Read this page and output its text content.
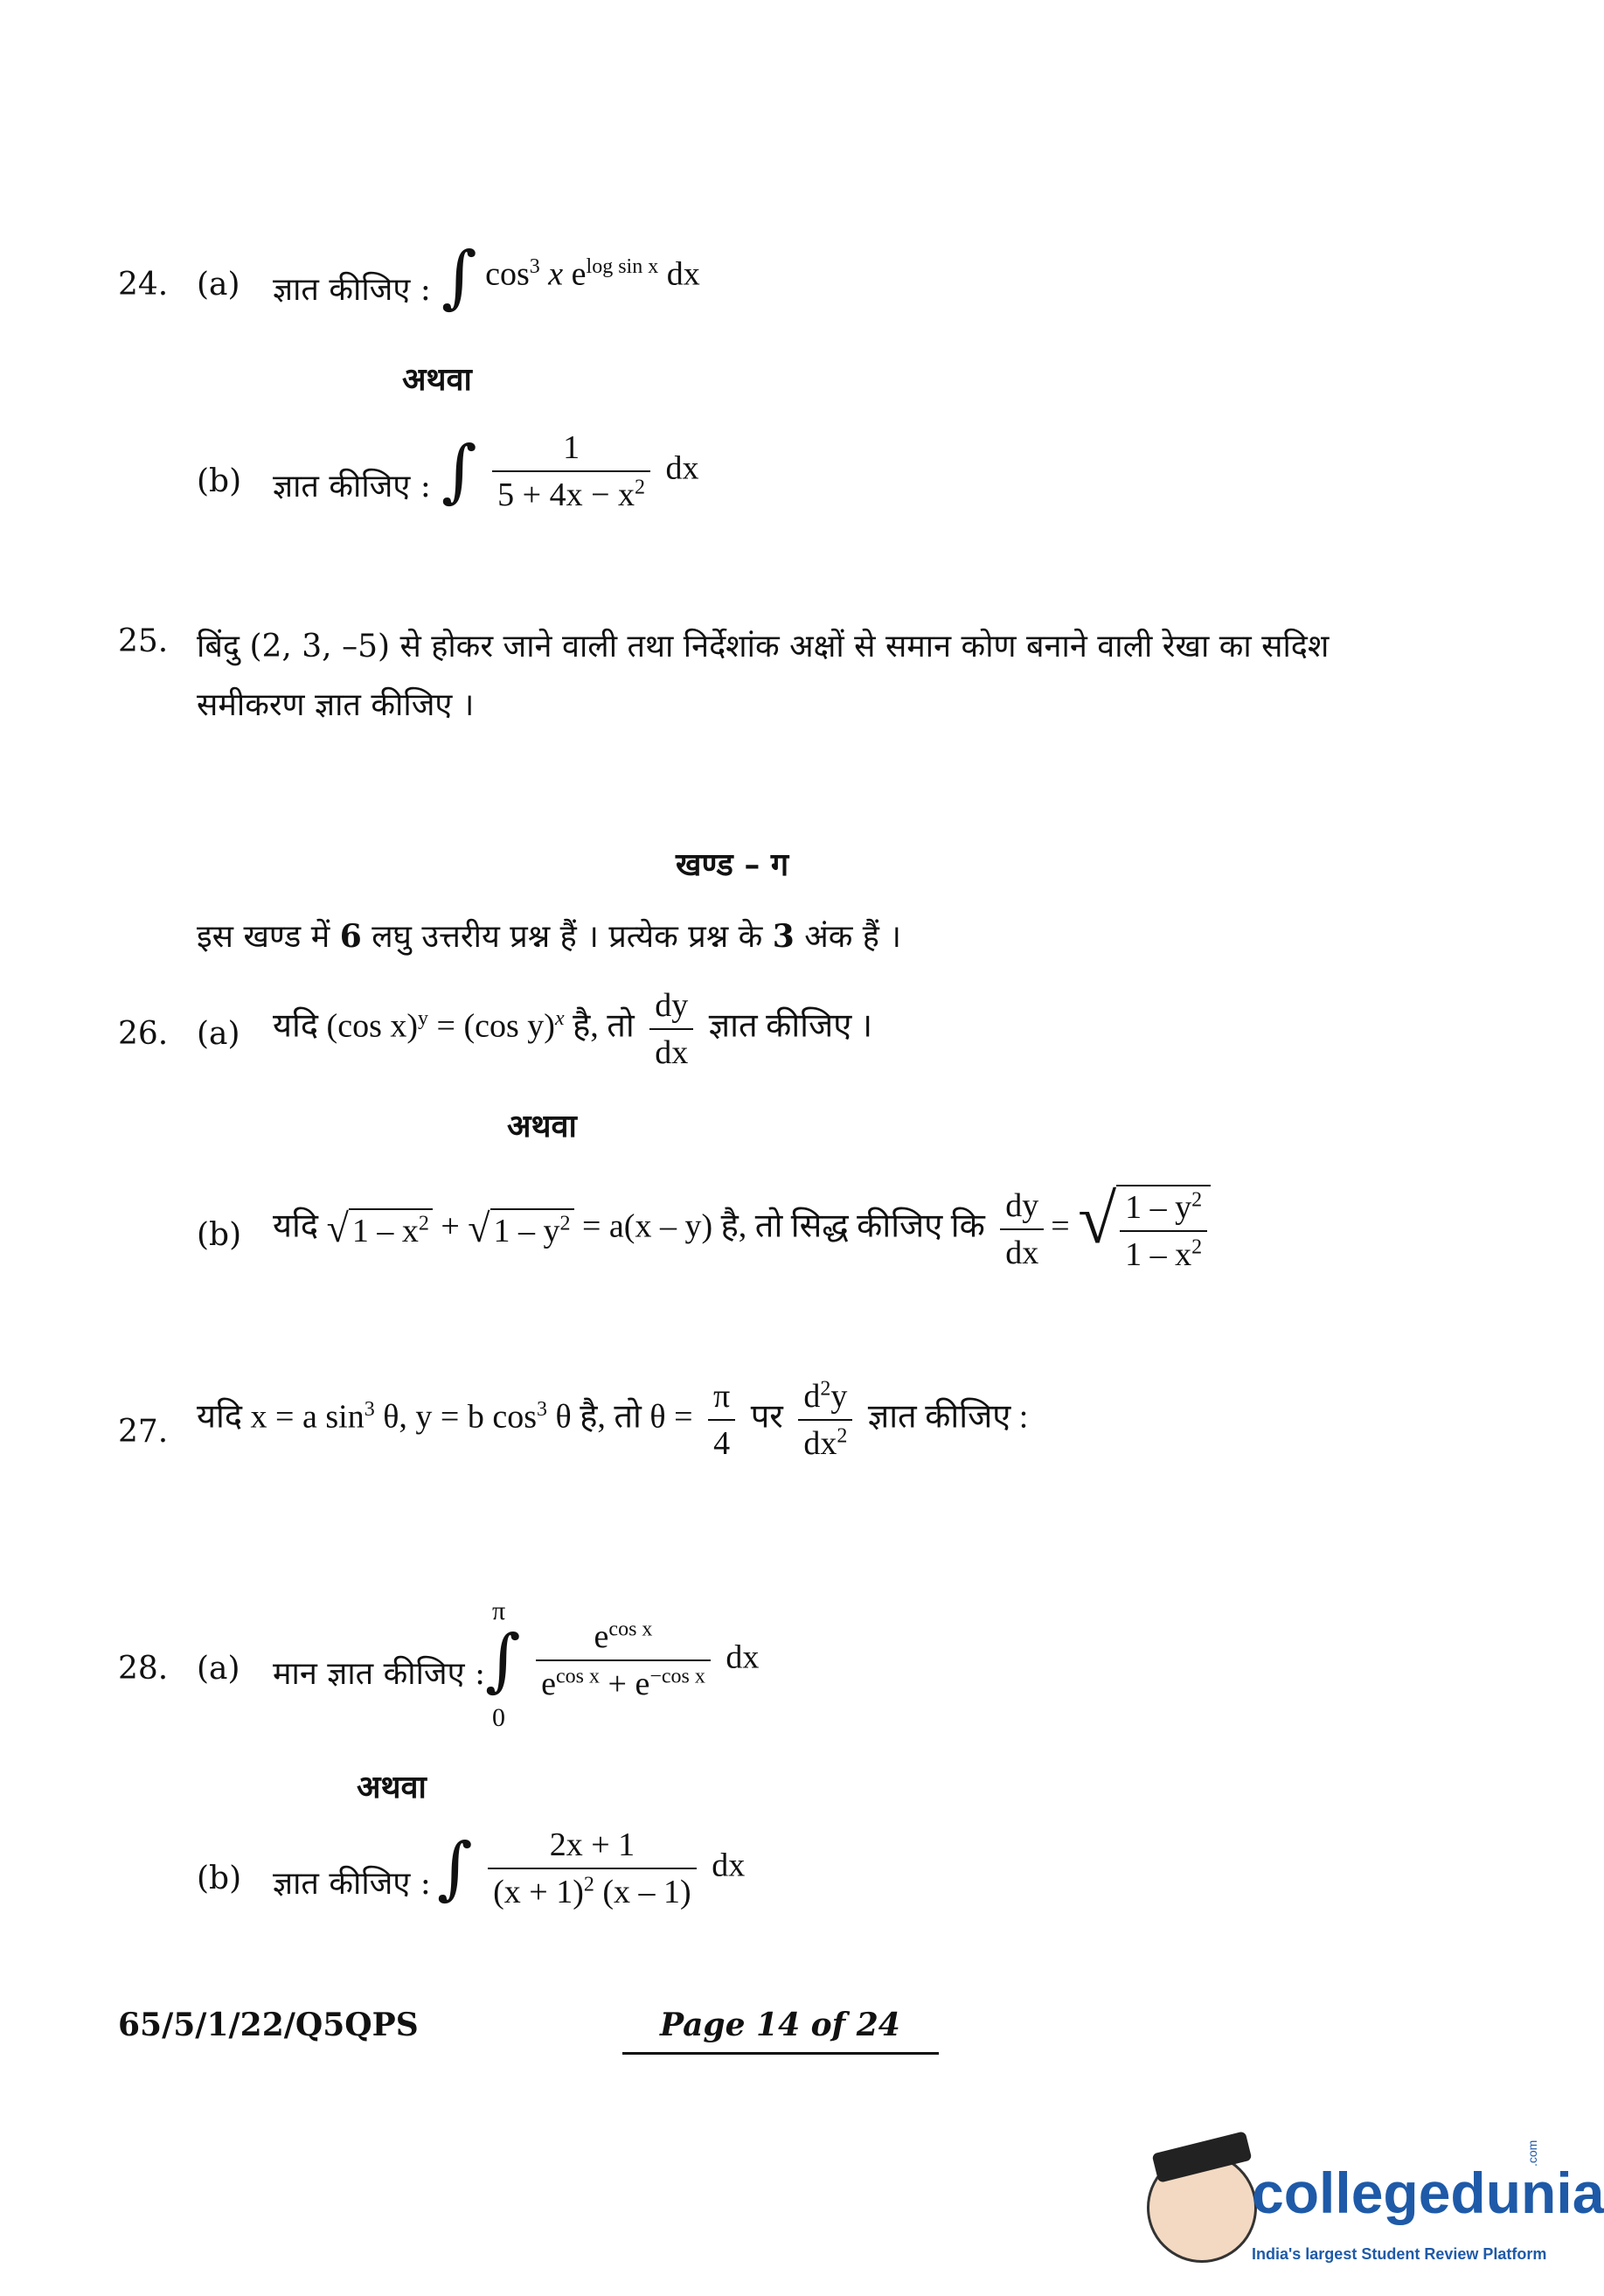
24. (a) ज्ञात कीजिए : ∫ $\cos^3 x$ $e^{log sin x}$ dx
अथवा
(b) ज्ञात कीजिए : ∫ $\frac{1}{5 + 4x - x^2}$ dx
25. बिंदु (2, 3, –5) से होकर जाने वाली तथा निर्देशांक अक्षों से समान कोण बनाने वाली रेखा का सदिश
समीकरण ज्ञात कीजिए ।
खण्ड – ग
इस खण्ड में 6 लघु उत्तरीय प्रश्न हैं । प्रत्येक प्रश्न के 3 अंक हैं ।
26. (a) यदि (cos x)$^y$ = (cos y)$^x$ है, तो $\frac{dy}{dx}$ ज्ञात कीजिए ।
अथवा
(b) यदि √ $1 - x^2$ + √ $1 - y^2 = a(x - y)$ है, तो सिद्ध कीजिए कि $\frac{dy}{dx}$ = √ $\frac{1 - y^2}{1 - x^2}$
27. यदि x = a $\sin^3 \theta$, y = b $\cos^3 \theta$ है, तो $\theta = \frac{\pi}{4}$ पर $\frac{d^2y}{dx^2}$ ज्ञात कीजिए :
28. (a) मान ज्ञात कीजिए :
π
0
∫ $\frac{e^{cos x}}{e^{cos x} + e^{-cos x}}$ dx
अथवा
(b) ज्ञात कीजिए : ∫ $\frac{2x + 1}{(x + 1)^2 (x - 1)}$ dx
65/5/1/22/Q5QPS	Page 14 of 24
collegedunia
.com
India's largest Student Review Platform
